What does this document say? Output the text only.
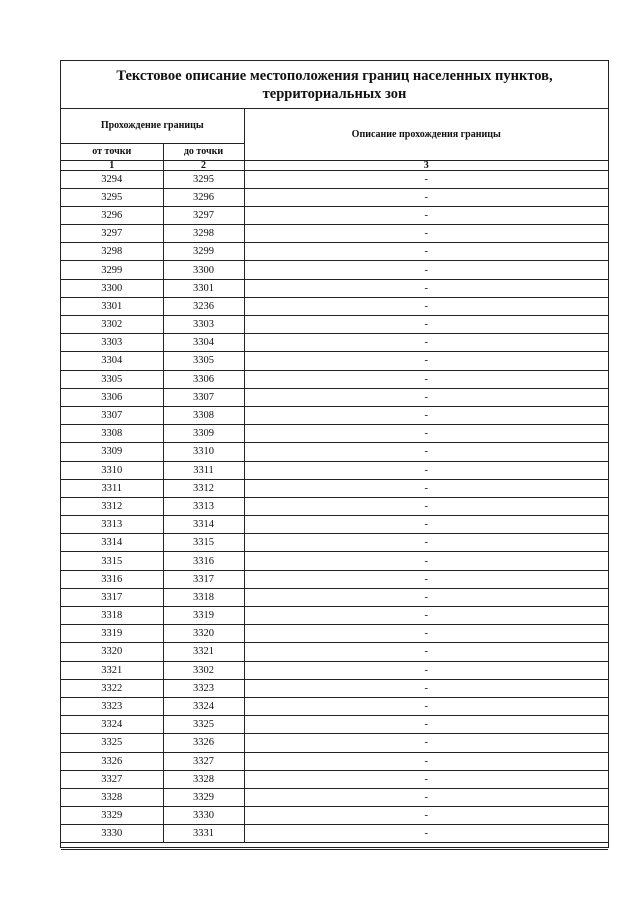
Текстовое описание местоположения границ населенных пунктов,
территориальных зон
Прохождение границы		Описание прохождения границы
от точки	до точки	
1	2	3
3294	3295	-
3295	3296	-
3296	3297	-
3297	3298	-
3298	3299	-
3299	3300	-
3300	3301	-
3301	3236	-
3302	3303	-
3303	3304	-
3304	3305	-
3305	3306	-
3306	3307	-
3307	3308	-
3308	3309	-
3309	3310	-
3310	3311	-
3311	3312	-
3312	3313	-
3313	3314	-
3314	3315	-
3315	3316	-
3316	3317	-
3317	3318	-
3318	3319	-
3319	3320	-
3320	3321	-
3321	3302	-
3322	3323	-
3323	3324	-
3324	3325	-
3325	3326	-
3326	3327	-
3327	3328	-
3328	3329	-
3329	3330	-
3330	3331	-
